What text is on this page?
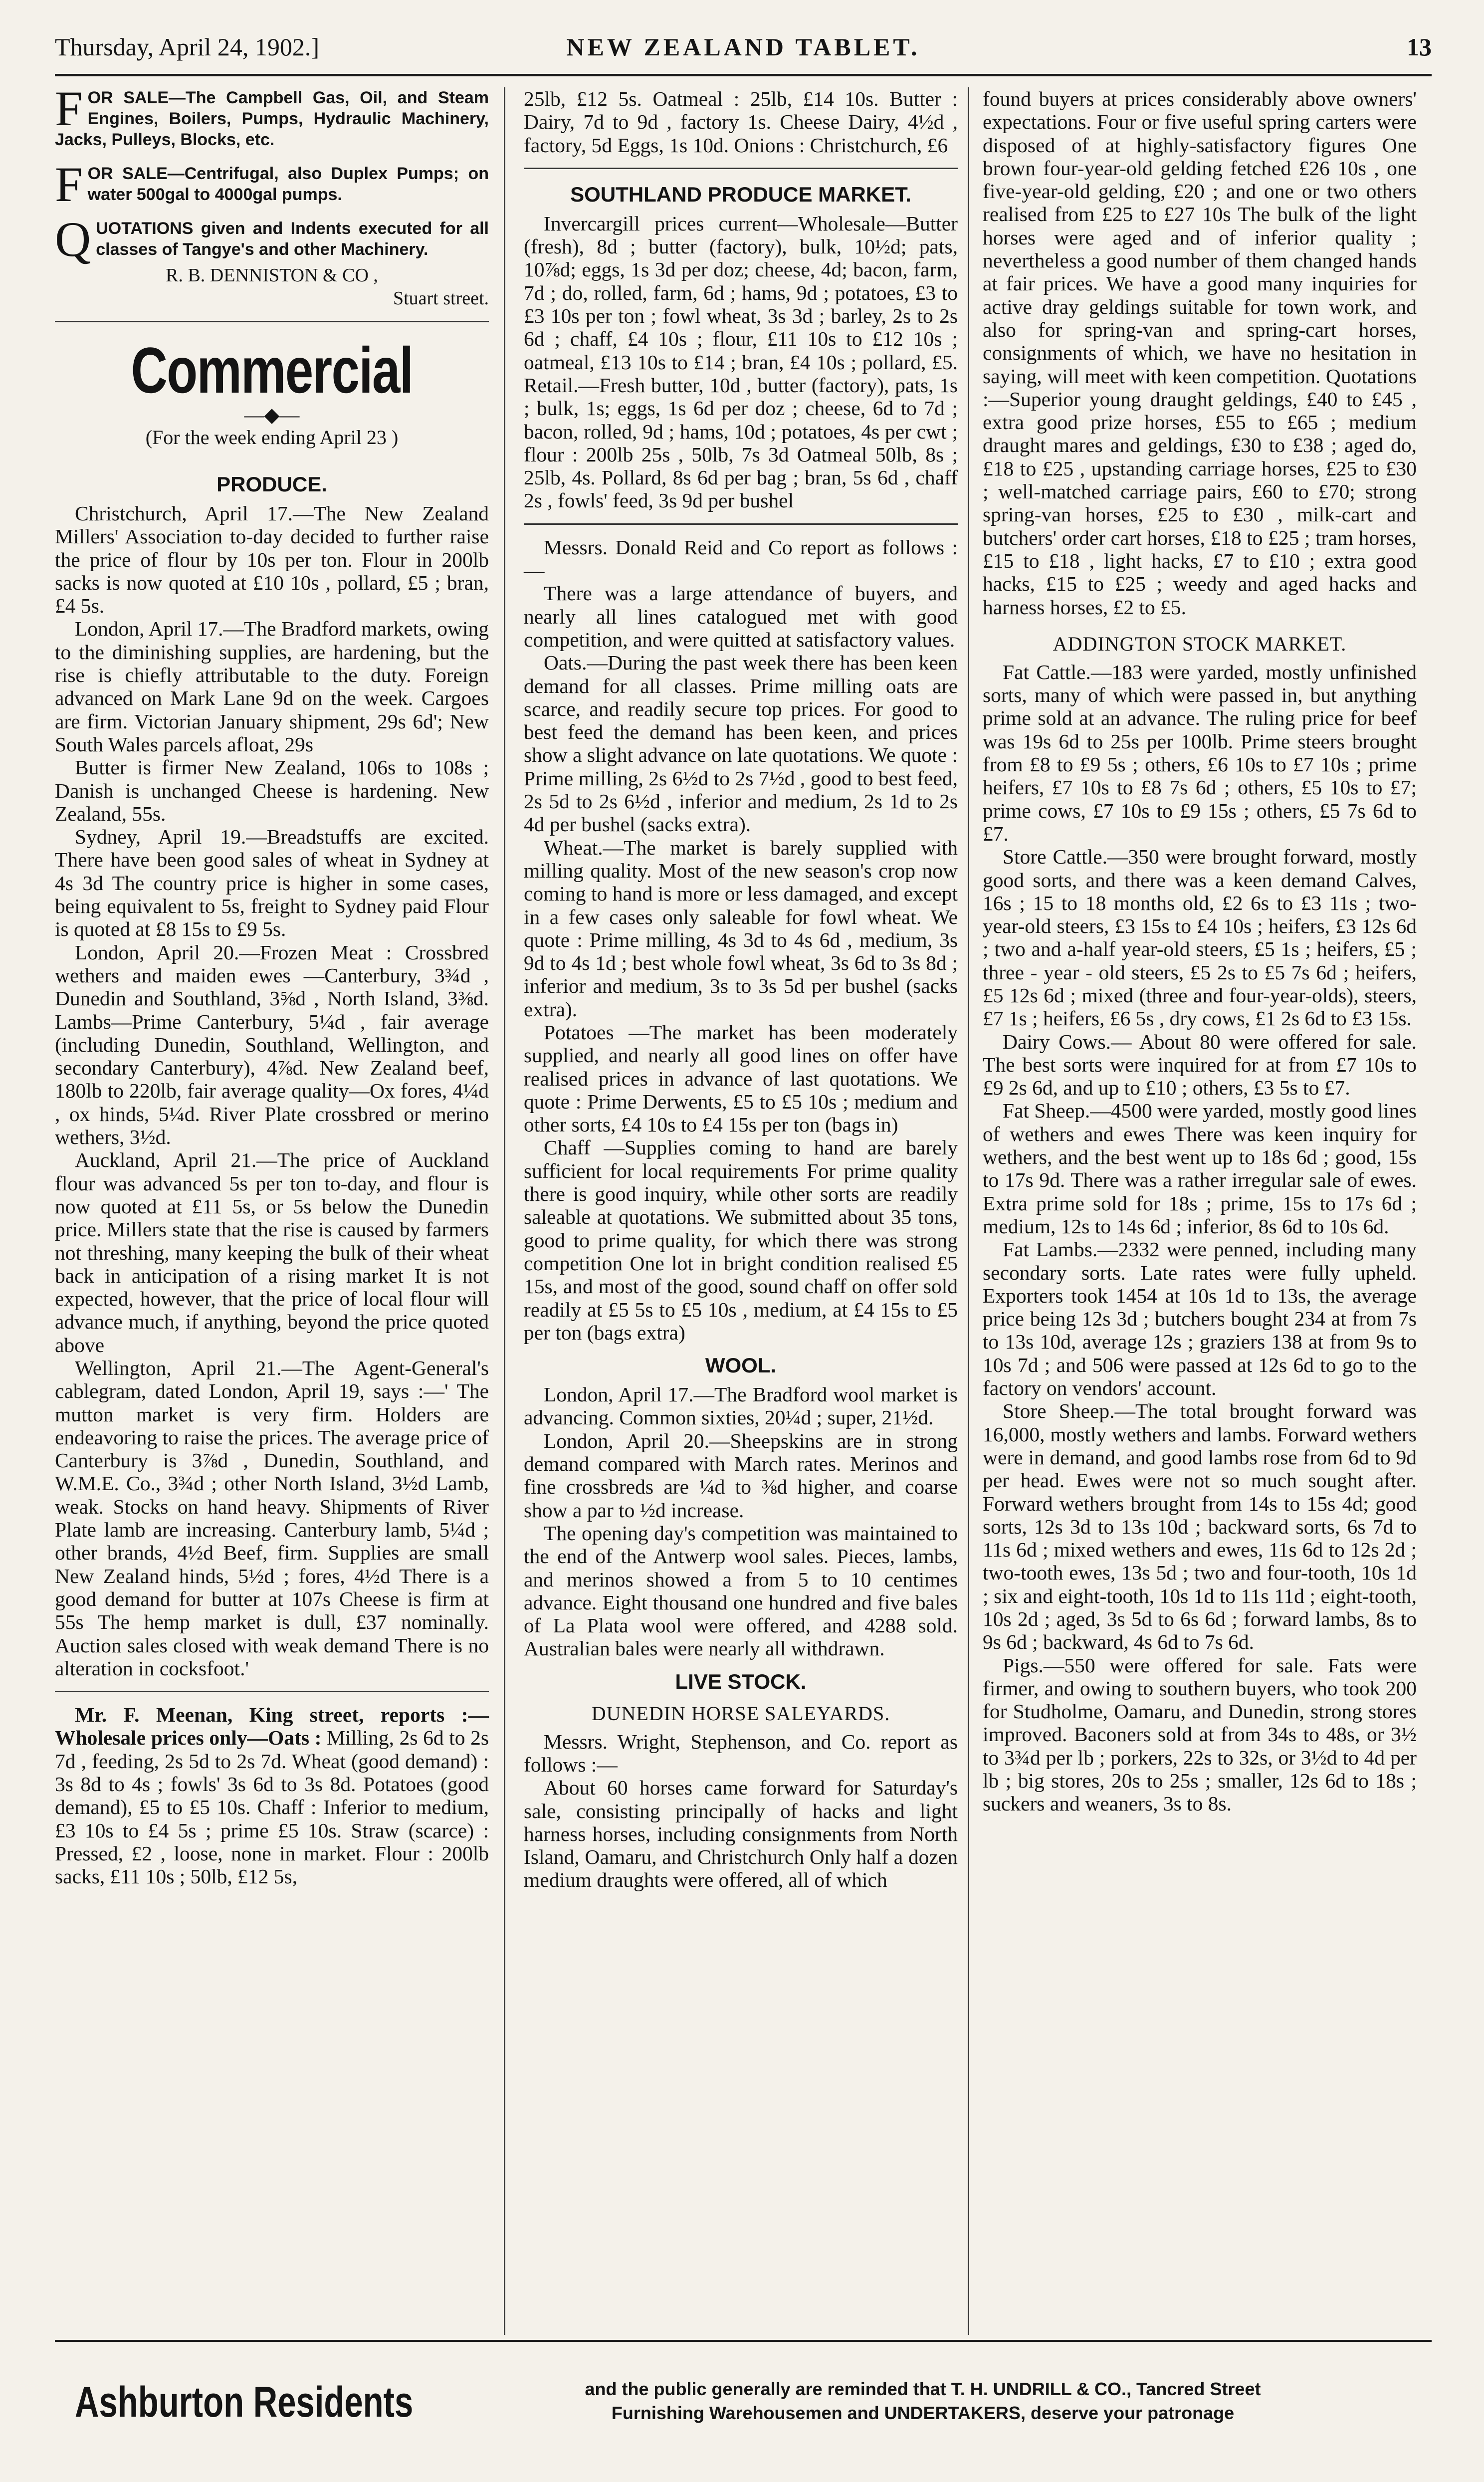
Thursday, April 24, 1902.]	NEW ZEALAND TABLET.	13
F OR SALE—The Campbell Gas, Oil, and Steam Engines, Boilers, Pumps, Hydraulic Machinery, Jacks, Pulleys, Blocks, etc.
F OR SALE—Centrifugal, also Duplex Pumps; on water 500gal to 4000gal pumps.
Q UOTATIONS given and Indents executed for all classes of Tangye's and other Machinery.

R. B. DENNISTON & CO ,

Stuart street.

Commercial

—◆—

(For the week ending April 23 )

PRODUCE.

Christchurch, April 17.—The New Zealand Millers' Association to-day decided to further raise the price of flour by 10s per ton. Flour in 200lb sacks is now quoted at £10 10s , pollard, £5 ; bran, £4 5s.

London, April 17.—The Bradford markets, owing to the diminishing supplies, are hardening, but the rise is chiefly attributable to the duty. Foreign advanced on Mark Lane 9d on the week. Cargoes are firm. Victorian January shipment, 29s 6d'; New South Wales parcels afloat, 29s

Butter is firmer New Zealand, 106s to 108s ; Danish is unchanged Cheese is hardening. New Zealand, 55s.

Sydney, April 19.—Breadstuffs are excited. There have been good sales of wheat in Sydney at 4s 3d The country price is higher in some cases, being equivalent to 5s, freight to Sydney paid Flour is quoted at £8 15s to £9 5s.

London, April 20.—Frozen Meat : Crossbred wethers and maiden ewes —Canterbury, 3¾d , Dunedin and Southland, 3⅝d , North Island, 3⅜d. Lambs—Prime Canterbury, 5¼d , fair average (including Dunedin, Southland, Wellington, and secondary Canterbury), 4⅞d. New Zealand beef, 180lb to 220lb, fair average quality—Ox fores, 4¼d , ox hinds, 5¼d. River Plate crossbred or merino wethers, 3½d.

Auckland, April 21.—The price of Auckland flour was advanced 5s per ton to-day, and flour is now quoted at £11 5s, or 5s below the Dunedin price. Millers state that the rise is caused by farmers not threshing, many keeping the bulk of their wheat back in anticipation of a rising market It is not expected, however, that the price of local flour will advance much, if anything, beyond the price quoted above

Wellington, April 21.—The Agent-General's cablegram, dated London, April 19, says :—' The mutton market is very firm. Holders are endeavoring to raise the prices. The average price of Canterbury is 3⅞d , Dunedin, Southland, and W.M.E. Co., 3¾d ; other North Island, 3½d Lamb, weak. Stocks on hand heavy. Shipments of River Plate lamb are increasing. Canterbury lamb, 5¼d ; other brands, 4½d Beef, firm. Supplies are small New Zealand hinds, 5½d ; fores, 4½d There is a good demand for butter at 107s Cheese is firm at 55s The hemp market is dull, £37 nominally. Auction sales closed with weak demand There is no alteration in cocksfoot.'

Mr. F. Meenan, King street, reports :—Wholesale prices only—Oats : Milling, 2s 6d to 2s 7d , feeding, 2s 5d to 2s 7d. Wheat (good demand) : 3s 8d to 4s ; fowls' 3s 6d to 3s 8d. Potatoes (good demand), £5 to £5 10s. Chaff : Inferior to medium, £3 10s to £4 5s ; prime £5 10s. Straw (scarce) : Pressed, £2 , loose, none in market. Flour : 200lb sacks, £11 10s ; 50lb, £12 5s,

25lb, £12 5s. Oatmeal : 25lb, £14 10s. Butter : Dairy, 7d to 9d , factory 1s. Cheese Dairy, 4½d , factory, 5d Eggs, 1s 10d. Onions : Christchurch, £6

SOUTHLAND PRODUCE MARKET.

Invercargill prices current—Wholesale—Butter (fresh), 8d ; butter (factory), bulk, 10½d; pats, 10⅞d; eggs, 1s 3d per doz; cheese, 4d; bacon, farm, 7d ; do, rolled, farm, 6d ; hams, 9d ; potatoes, £3 to £3 10s per ton ; fowl wheat, 3s 3d ; barley, 2s to 2s 6d ; chaff, £4 10s ; flour, £11 10s to £12 10s ; oatmeal, £13 10s to £14 ; bran, £4 10s ; pollard, £5. Retail.—Fresh butter, 10d , butter (factory), pats, 1s ; bulk, 1s; eggs, 1s 6d per doz ; cheese, 6d to 7d ; bacon, rolled, 9d ; hams, 10d ; potatoes, 4s per cwt ; flour : 200lb 25s , 50lb, 7s 3d Oatmeal 50lb, 8s ; 25lb, 4s. Pollard, 8s 6d per bag ; bran, 5s 6d , chaff 2s , fowls' feed, 3s 9d per bushel

Messrs. Donald Reid and Co report as follows :—

There was a large attendance of buyers, and nearly all lines catalogued met with good competition, and were quitted at satisfactory values.

Oats.—During the past week there has been keen demand for all classes. Prime milling oats are scarce, and readily secure top prices. For good to best feed the demand has been keen, and prices show a slight advance on late quotations. We quote : Prime milling, 2s 6½d to 2s 7½d , good to best feed, 2s 5d to 2s 6½d , inferior and medium, 2s 1d to 2s 4d per bushel (sacks extra).

Wheat.—The market is barely supplied with milling quality. Most of the new season's crop now coming to hand is more or less damaged, and except in a few cases only saleable for fowl wheat. We quote : Prime milling, 4s 3d to 4s 6d , medium, 3s 9d to 4s 1d ; best whole fowl wheat, 3s 6d to 3s 8d ; inferior and medium, 3s to 3s 5d per bushel (sacks extra).

Potatoes —The market has been moderately supplied, and nearly all good lines on offer have realised prices in advance of last quotations. We quote : Prime Derwents, £5 to £5 10s ; medium and other sorts, £4 10s to £4 15s per ton (bags in)

Chaff —Supplies coming to hand are barely sufficient for local requirements For prime quality there is good inquiry, while other sorts are readily saleable at quotations. We submitted about 35 tons, good to prime quality, for which there was strong competition One lot in bright condition realised £5 15s, and most of the good, sound chaff on offer sold readily at £5 5s to £5 10s , medium, at £4 15s to £5 per ton (bags extra)

WOOL.

London, April 17.—The Bradford wool market is advancing. Common sixties, 20¼d ; super, 21½d.

London, April 20.—Sheepskins are in strong demand compared with March rates. Merinos and fine crossbreds are ¼d to ⅜d higher, and coarse show a par to ½d increase.

The opening day's competition was maintained to the end of the Antwerp wool sales. Pieces, lambs, and merinos showed a from 5 to 10 centimes advance. Eight thousand one hundred and five bales of La Plata wool were offered, and 4288 sold. Australian bales were nearly all withdrawn.

LIVE STOCK.

DUNEDIN HORSE SALEYARDS.

Messrs. Wright, Stephenson, and Co. report as follows :—

About 60 horses came forward for Saturday's sale, consisting principally of hacks and light harness horses, including consignments from North Island, Oamaru, and Christchurch Only half a dozen medium draughts were offered, all of which

found buyers at prices considerably above owners' expectations. Four or five useful spring carters were disposed of at highly-satisfactory figures One brown four-year-old gelding fetched £26 10s , one five-year-old gelding, £20 ; and one or two others realised from £25 to £27 10s The bulk of the light horses were aged and of inferior quality ; nevertheless a good number of them changed hands at fair prices. We have a good many inquiries for active dray geldings suitable for town work, and also for spring-van and spring-cart horses, consignments of which, we have no hesitation in saying, will meet with keen competition. Quotations :—Superior young draught geldings, £40 to £45 , extra good prize horses, £55 to £65 ; medium draught mares and geldings, £30 to £38 ; aged do, £18 to £25 , upstanding carriage horses, £25 to £30 ; well-matched carriage pairs, £60 to £70; strong spring-van horses, £25 to £30 , milk-cart and butchers' order cart horses, £18 to £25 ; tram horses, £15 to £18 , light hacks, £7 to £10 ; extra good hacks, £15 to £25 ; weedy and aged hacks and harness horses, £2 to £5.

ADDINGTON STOCK MARKET.

Fat Cattle.—183 were yarded, mostly unfinished sorts, many of which were passed in, but anything prime sold at an advance. The ruling price for beef was 19s 6d to 25s per 100lb. Prime steers brought from £8 to £9 5s ; others, £6 10s to £7 10s ; prime heifers, £7 10s to £8 7s 6d ; others, £5 10s to £7; prime cows, £7 10s to £9 15s ; others, £5 7s 6d to £7.

Store Cattle.—350 were brought forward, mostly good sorts, and there was a keen demand Calves, 16s ; 15 to 18 months old, £2 6s to £3 11s ; two-year-old steers, £3 15s to £4 10s ; heifers, £3 12s 6d ; two and a-half year-old steers, £5 1s ; heifers, £5 ; three - year - old steers, £5 2s to £5 7s 6d ; heifers, £5 12s 6d ; mixed (three and four-year-olds), steers, £7 1s ; heifers, £6 5s , dry cows, £1 2s 6d to £3 15s.

Dairy Cows.— About 80 were offered for sale. The best sorts were inquired for at from £7 10s to £9 2s 6d, and up to £10 ; others, £3 5s to £7.

Fat Sheep.—4500 were yarded, mostly good lines of wethers and ewes There was keen inquiry for wethers, and the best went up to 18s 6d ; good, 15s to 17s 9d. There was a rather irregular sale of ewes. Extra prime sold for 18s ; prime, 15s to 17s 6d ; medium, 12s to 14s 6d ; inferior, 8s 6d to 10s 6d.

Fat Lambs.—2332 were penned, including many secondary sorts. Late rates were fully upheld. Exporters took 1454 at 10s 1d to 13s, the average price being 12s 3d ; butchers bought 234 at from 7s to 13s 10d, average 12s ; graziers 138 at from 9s to 10s 7d ; and 506 were passed at 12s 6d to go to the factory on vendors' account.

Store Sheep.—The total brought forward was 16,000, mostly wethers and lambs. Forward wethers were in demand, and good lambs rose from 6d to 9d per head. Ewes were not so much sought after. Forward wethers brought from 14s to 15s 4d; good sorts, 12s 3d to 13s 10d ; backward sorts, 6s 7d to 11s 6d ; mixed wethers and ewes, 11s 6d to 12s 2d ; two-tooth ewes, 13s 5d ; two and four-tooth, 10s 1d ; six and eight-tooth, 10s 1d to 11s 11d ; eight-tooth, 10s 2d ; aged, 3s 5d to 6s 6d ; forward lambs, 8s to 9s 6d ; backward, 4s 6d to 7s 6d.

Pigs.—550 were offered for sale. Fats were firmer, and owing to southern buyers, who took 200 for Studholme, Oamaru, and Dunedin, strong stores improved. Baconers sold at from 34s to 48s, or 3½ to 3¾d per lb ; porkers, 22s to 32s, or 3½d to 4d per lb ; big stores, 20s to 25s ; smaller, 12s 6d to 18s ; suckers and weaners, 3s to 8s.

Ashburton Residents	and the public generally are reminded that T. H. UNDRILL & CO., Tancred Street
Furnishing Warehousemen and UNDERTAKERS, deserve your patronage
